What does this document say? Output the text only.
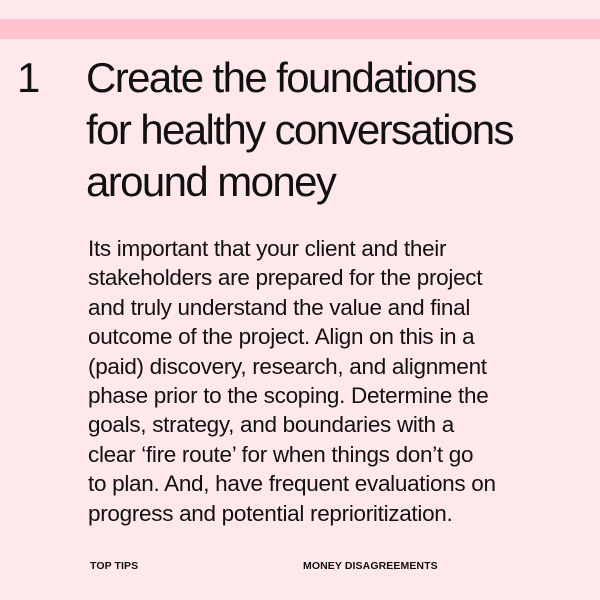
1 Create the foundations
for healthy conversations
around money

Its important that your client and their
stakeholders are prepared for the project
and truly understand the value and final
outcome of the project. Align on this in a
(paid) discovery, research, and alignment
phase prior to the scoping. Determine the
goals, strategy, and boundaries with a
clear ‘fire route’ for when things don’t go
to plan. And, have frequent evaluations on
progress and potential reprioritization.

TOP TIPS	MONEY DISAGREEMENTS
